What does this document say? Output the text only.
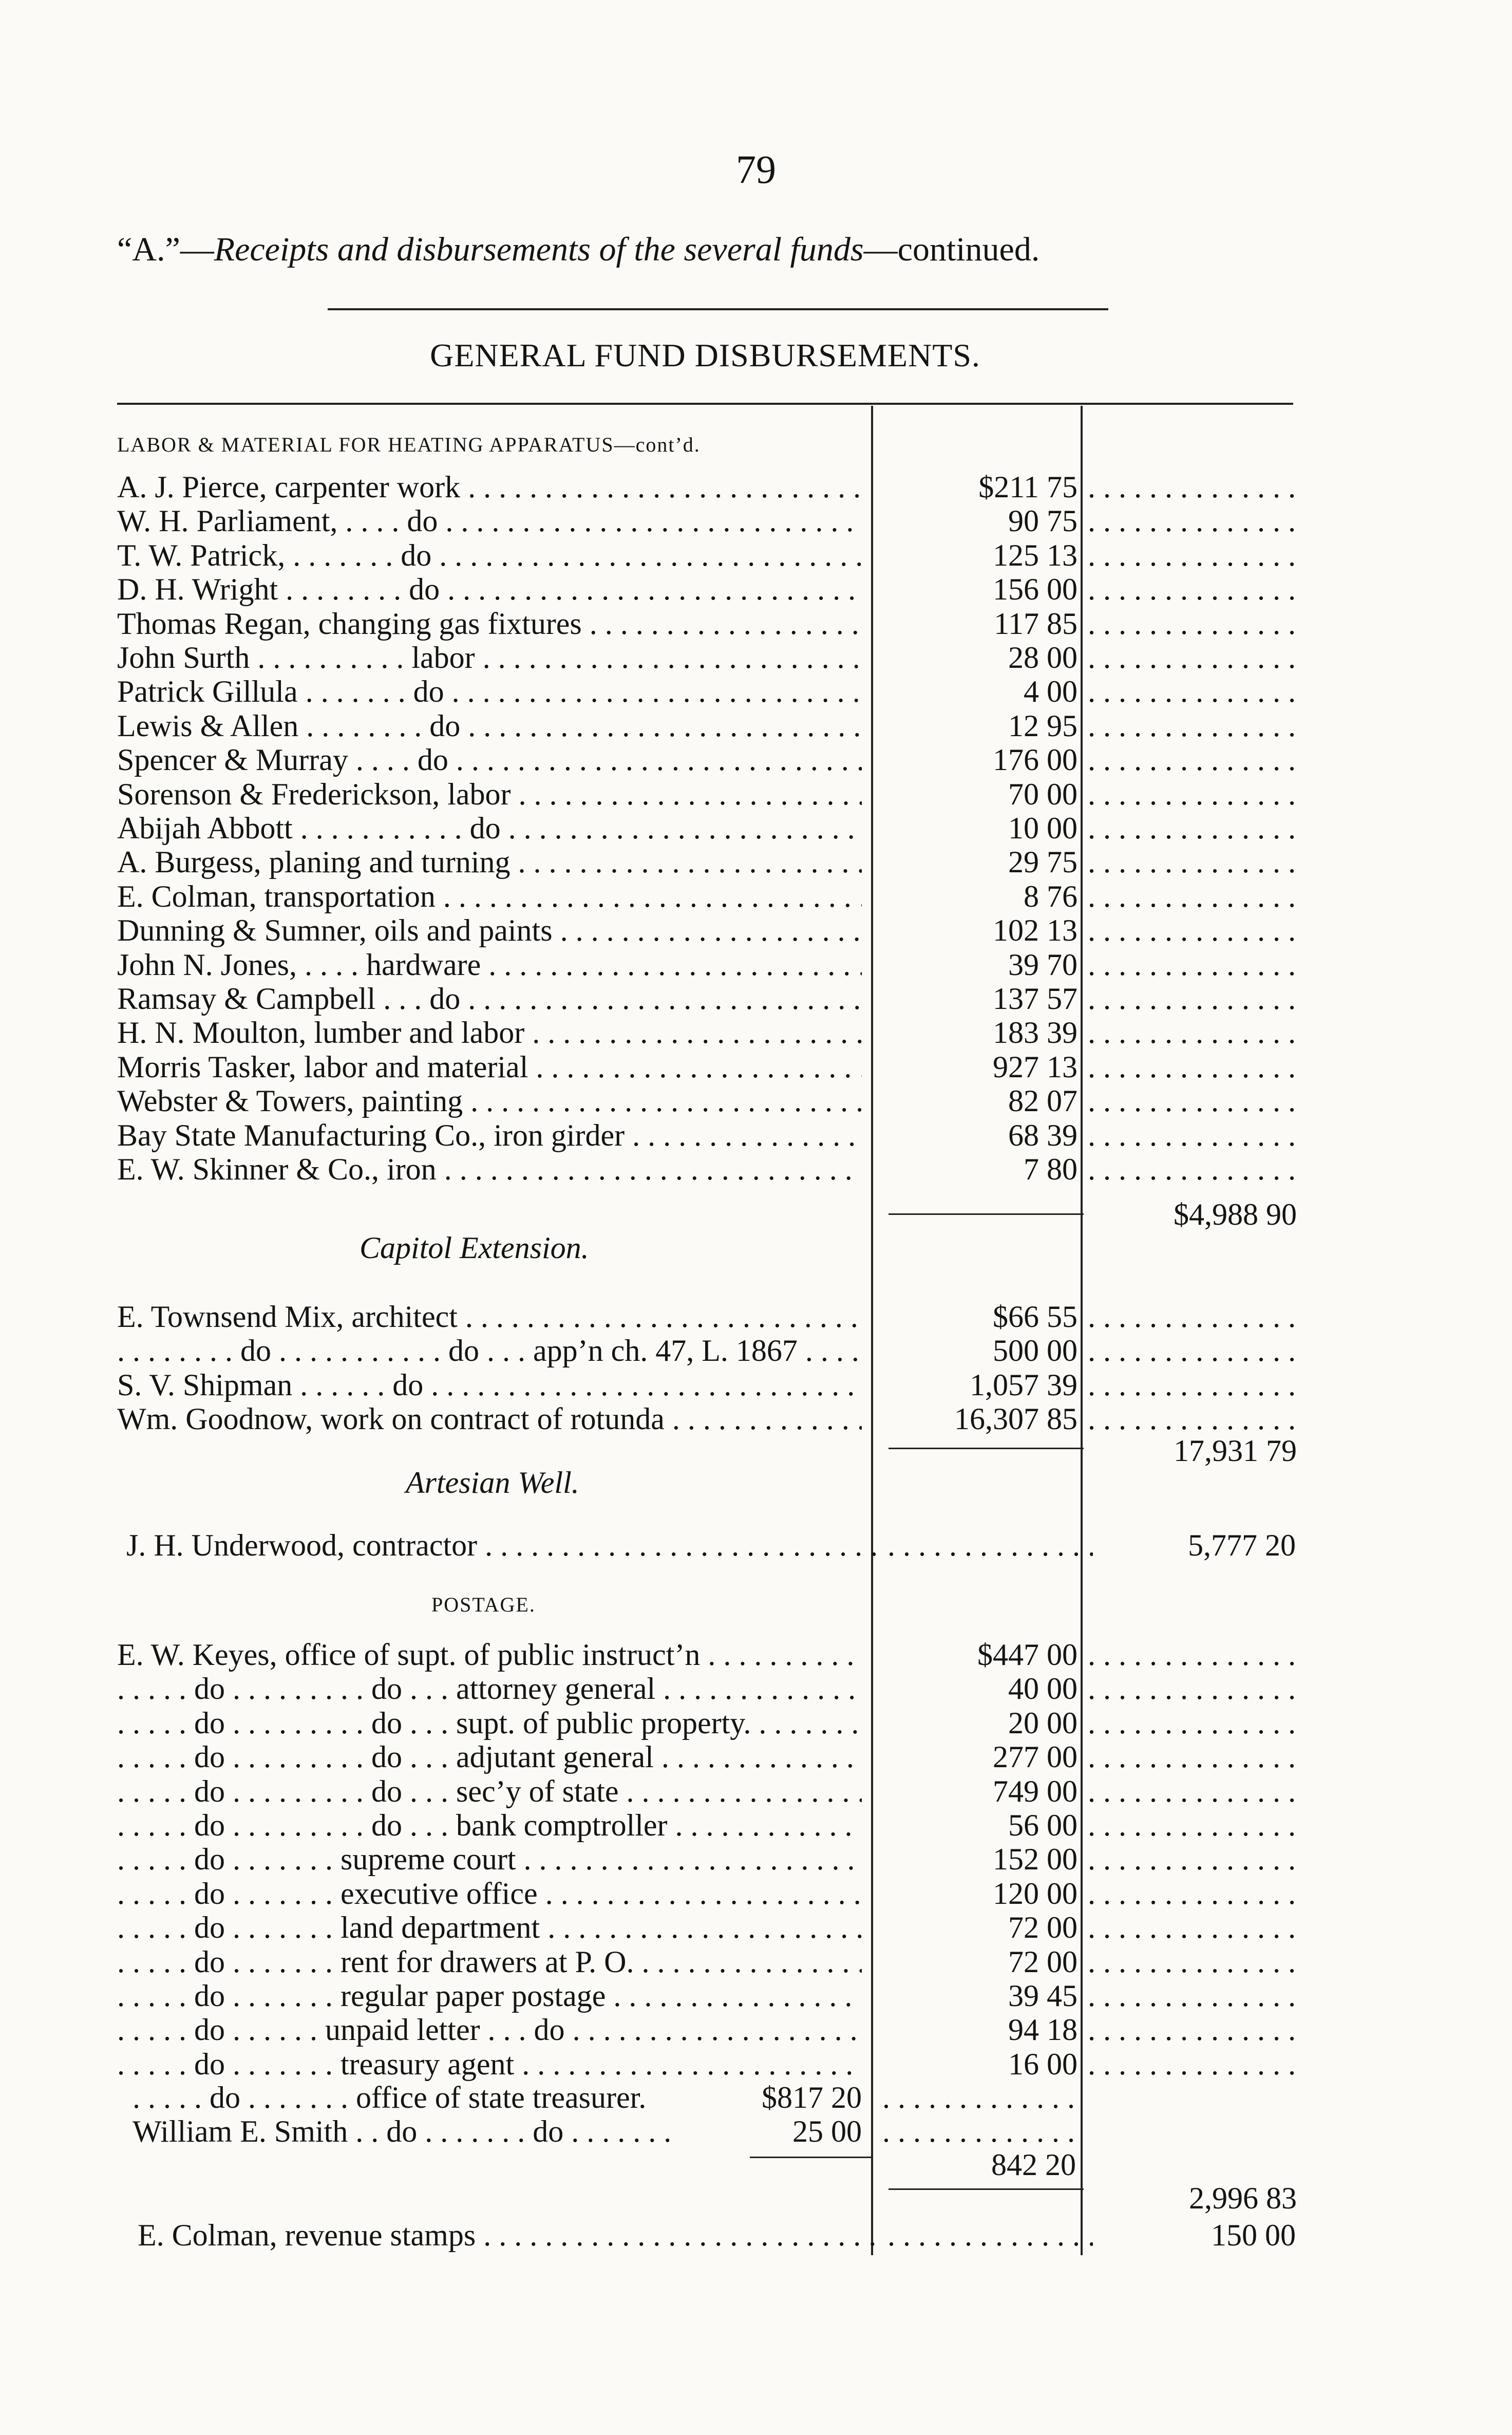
79
“A.”—Receipts and disbursements of the several funds—continued.
GENERAL FUND DISBURSEMENTS.
LABOR & MATERIAL FOR HEATING APPARATUS—cont’d.
A. J. Pierce, carpenter work . . .	$211 75
. . .
W. H. Parliament, . . . . do . . .	90 75
. . .
T. W. Patrick, . . . . . . . do . . .	125 13
. . .
D. H. Wright . . . . . . . . do . . .	156 00
. . .
Thomas Regan, changing gas fixtures . . .	117 85
. . .
John Surth . . . . . . . . . . labor . . .	28 00
. . .
Patrick Gillula . . . . . . . do . . .	4 00
. . .
Lewis & Allen . . . . . . . . do . . .	12 95
. . .
Spencer & Murray . . . . do . . .	176 00
. . .
Sorenson & Frederickson, labor . . .	70 00
. . .
Abijah Abbott . . . . . . . . . . . do . . .	10 00
. . .
A. Burgess, planing and turning . . .	29 75
. . .
E. Colman, transportation . . .	8 76
. . .
Dunning & Sumner, oils and paints . . .	102 13
. . .
John N. Jones, . . . . hardware . . .	39 70
. . .
Ramsay & Campbell . . . do . . .	137 57
. . .
H. N. Moulton, lumber and labor . . .	183 39
. . .
Morris Tasker, labor and material . . .	927 13
. . .
Webster & Towers, painting . . .	82 07
. . .
Bay State Manufacturing Co., iron girder . . .	68 39
. . .
E. W. Skinner & Co., iron . . .	7 80
. . .
$4,988 90
Capitol Extension.
E. Townsend Mix, architect . . .	$66 55
. . .
. . . . . . . . do . . . . . . . . . . . do . . . app’n ch. 47, L. 1867 . . .	500 00
. . .
S. V. Shipman . . . . . . do . . .	1,057 39
. . .
Wm. Goodnow, work on contract of rotunda . . .	16,307 85
. . .
17,931 79
Artesian Well.
J. H. Underwood, contractor . . . . . .	5,777 20
POSTAGE.
E. W. Keyes, office of supt. of public instruct’n . . .	$447 00
. . .
. . . . . do . . . . . . . . . do . . . attorney general . . .	40 00
. . .
. . . . . do . . . . . . . . . do . . . supt. of public property. . . .	20 00
. . .
. . . . . do . . . . . . . . . do . . . adjutant general . . .	277 00
. . .
. . . . . do . . . . . . . . . do . . . sec’y of state . . .	749 00
. . .
. . . . . do . . . . . . . . . do . . . bank comptroller . . .	56 00
. . .
. . . . . do . . . . . . . supreme court . . .	152 00
. . .
. . . . . do . . . . . . . executive office . . .	120 00
. . .
. . . . . do . . . . . . . land department . . .	72 00
. . .
. . . . . do . . . . . . . rent for drawers at P. O. . . .	72 00
. . .
. . . . . do . . . . . . . regular paper postage . . .	39 45
. . .
. . . . . do . . . . . . unpaid letter . . . do . . .	94 18
. . .
. . . . . do . . . . . . . treasury agent . . .	16 00
. . .
. . . . . do . . . . . . . office of state treasurer.	$817 20
. . .
William E. Smith . . do . . . . . . . do . . . . . . .	25 00
. . .
842 20
2,996 83
E. Colman, revenue stamps . . . . . .	150 00
